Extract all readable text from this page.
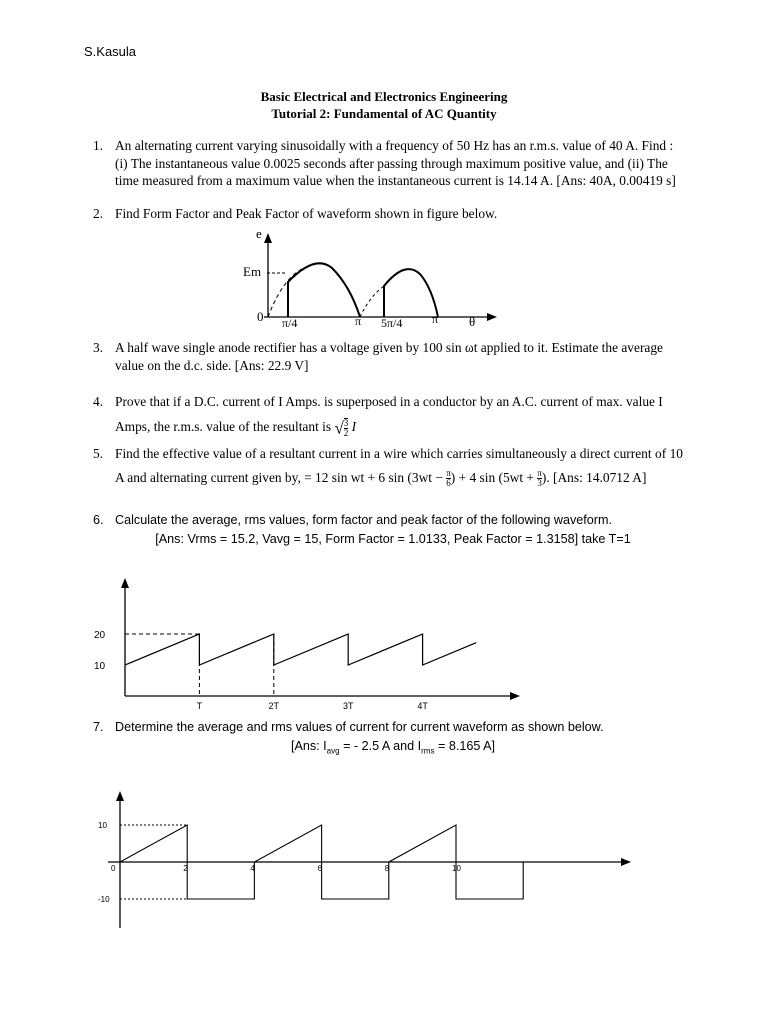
S.Kasula
Basic Electrical and Electronics Engineering
Tutorial 2: Fundamental of AC Quantity
1. An alternating current varying sinusoidally with a frequency of 50 Hz has an r.m.s. value of 40 A. Find : (i) The instantaneous value 0.0025 seconds after passing through maximum positive value, and (ii) The time measured from a maximum value when the instantaneous current is 14.14 A. [Ans: 40A, 0.00419 s]
2. Find Form Factor and Peak Factor of waveform shown in figure below.
e
Em
0 π/4	π 5π/4 π θ
3. A half wave single anode rectifier has a voltage given by 100 sin ωt applied to it. Estimate the average value on the d.c. side. [Ans: 22.9 V]
4. Prove that if a D.C. current of I Amps. is superposed in a conductor by an A.C. current of max. value I Amps, the r.m.s. value of the resultant is √ $\frac{3}{2}$ I
5. Find the effective value of a resultant current in a wire which carries simultaneously a direct current of 10 A and alternating current given by, = 12 sin wt + 6 $\sin (3wt - \frac{\pi}{6}$ ) + 4 $\sin (5wt + \frac{\pi}{3}$ ). [Ans: 14.0712 A]
6. Calculate the average, rms values, form factor and peak factor of the following waveform.
[Ans: Vrms = 15.2, Vavg = 15, Form Factor = 1.0133, Peak Factor = 1.3158] take T=1
20
10
T	2T	3T	4T
7. Determine the average and rms values of current for current waveform as shown below.
[Ans: $I_{avg}$ = - 2.5 A and $I_{rms} = 8.165$ A]
10
-10
0	2	4	6	8	10
